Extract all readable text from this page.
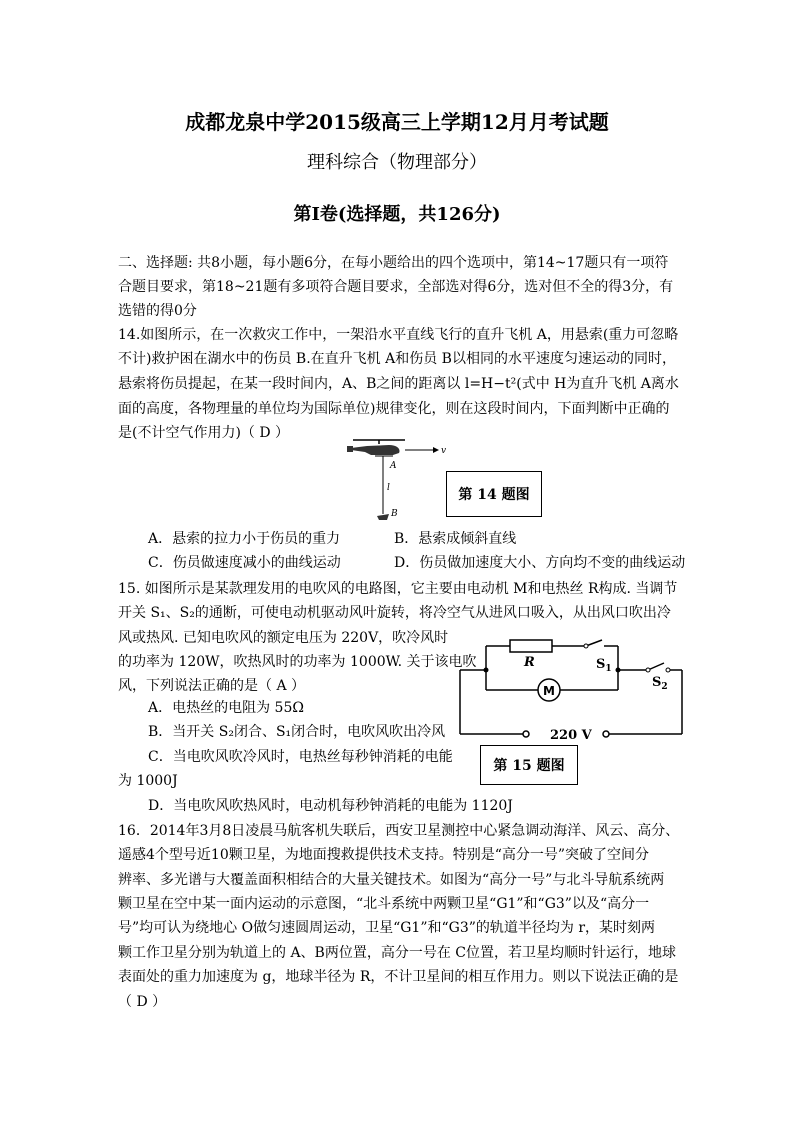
成都龙泉中学2015级高三上学期12月月考试题
理科综合（物理部分）
第Ⅰ卷(选择题，共126分)
二、选择题: 共8小题，每小题6分，在每小题给出的四个选项中，第14~17题只有一项符
合题目要求，第18~21题有多项符合题目要求，全部选对得6分，选对但不全的得3分，有
选错的得0分
14.如图所示，在一次救灾工作中，一架沿水平直线飞行的直升飞机 A，用悬索(重力可忽略
不计)救护困在湖水中的伤员 B.在直升飞机 A和伤员 B以相同的水平速度匀速运动的同时，
悬索将伤员提起，在某一段时间内，A、B之间的距离以 l=H−t²(式中 H为直升飞机 A离水
面的高度，各物理量的单位均为国际单位)规律变化，则在这段时间内，下面判断中正确的
是(不计空气作用力)（ D ）
A
l
B
v
第 14 题图
A．悬索的拉力小于伤员的重力	B．悬索成倾斜直线
C．伤员做速度减小的曲线运动	D．伤员做加速度大小、方向均不变的曲线运动
15. 如图所示是某款理发用的电吹风的电路图，它主要由电动机 M和电热丝 R构成. 当调节
开关 S₁、S₂的通断，可使电动机驱动风叶旋转，将冷空气从进风口吸入，从出风口吹出冷
风或热风. 已知电吹风的额定电压为 220V，吹冷风时
的功率为 120W，吹热风时的功率为 1000W. 关于该电吹
风，下列说法正确的是（ A ）
A．电热丝的电阻为 55Ω
B．当开关 S₂闭合、S₁闭合时，电吹风吹出冷风
C．当电吹风吹冷风时，电热丝每秒钟消耗的电能
为 1000J
D．当电吹风吹热风时，电动机每秒钟消耗的电能为 1120J
R	$S_1$
$S_2$
M
220 V
第 15 题图
16．2014年3月8日凌晨马航客机失联后，西安卫星测控中心紧急调动海洋、风云、高分、
遥感4个型号近10颗卫星，为地面搜救提供技术支持。特别是“高分一号”突破了空间分
辨率、多光谱与大覆盖面积相结合的大量关键技术。如图为“高分一号”与北斗导航系统两
颗卫星在空中某一面内运动的示意图，“北斗系统中两颗卫星“G1”和“G3”以及“高分一
号”均可认为绕地心 O做匀速圆周运动，卫星“G1”和“G3”的轨道半径均为 r，某时刻两
颗工作卫星分别为轨道上的 A、B两位置，高分一号在 C位置，若卫星均顺时针运行，地球
表面处的重力加速度为 g，地球半径为 R，不计卫星间的相互作用力。则以下说法正确的是
（ D ）
